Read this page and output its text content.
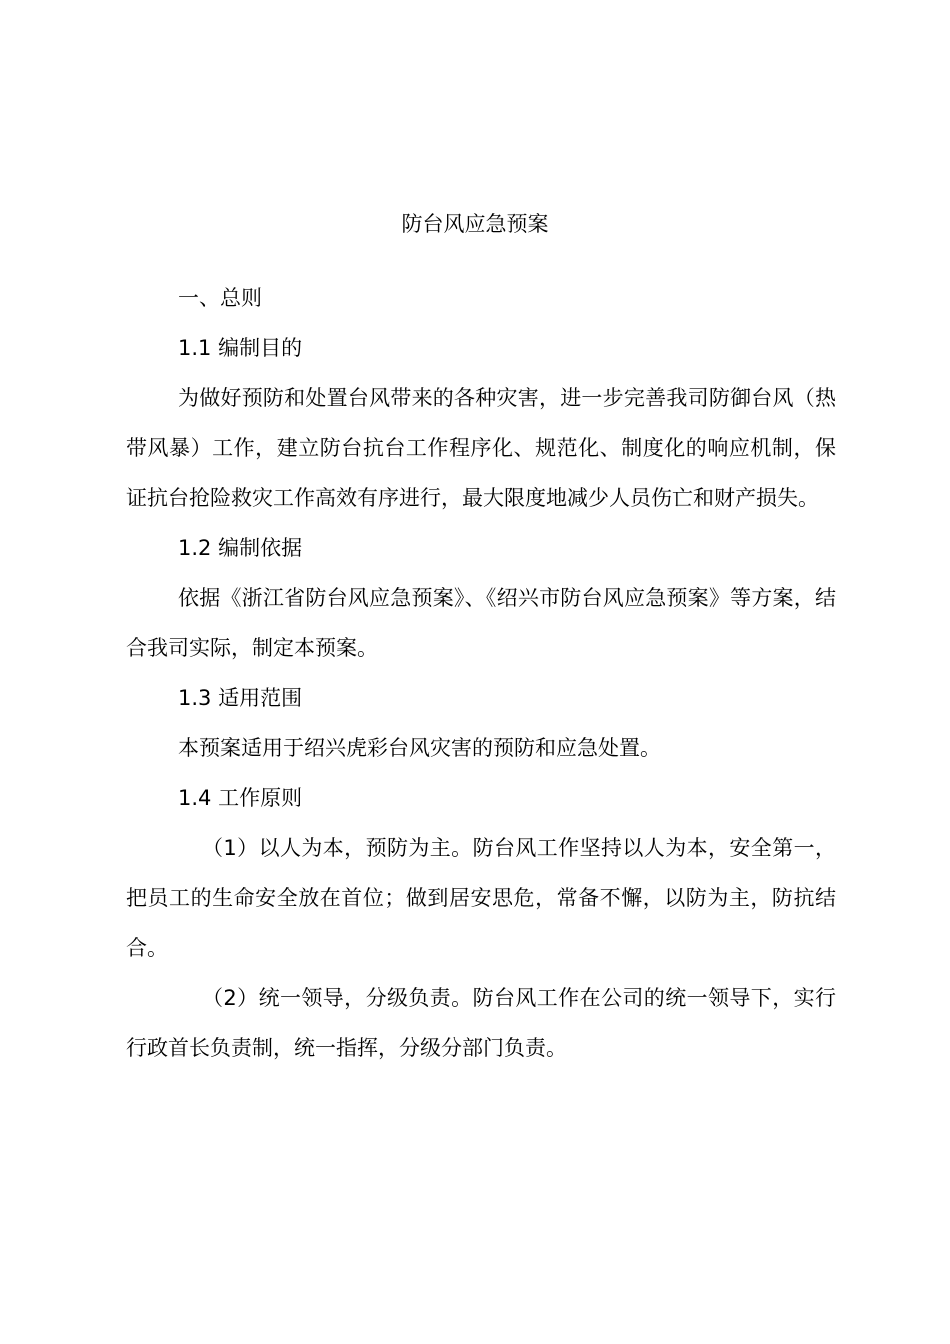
防台风应急预案

一、总则

1.1 编制目的

为做好预防和处置台风带来的各种灾害，进一步完善我司防御台风（热带风暴）工作，建立防台抗台工作程序化、规范化、制度化的响应机制，保证抗台抢险救灾工作高效有序进行，最大限度地减少人员伤亡和财产损失。

1.2 编制依据

依据《浙江省防台风应急预案》、《绍兴市防台风应急预案》等方案，结合我司实际，制定本预案。

1.3 适用范围

本预案适用于绍兴虎彩台风灾害的预防和应急处置。

1.4 工作原则

（1）以人为本，预防为主。防台风工作坚持以人为本，安全第一，把员工的生命安全放在首位；做到居安思危，常备不懈，以防为主，防抗结合。

（2）统一领导，分级负责。防台风工作在公司的统一领导下，实行行政首长负责制，统一指挥，分级分部门负责。
